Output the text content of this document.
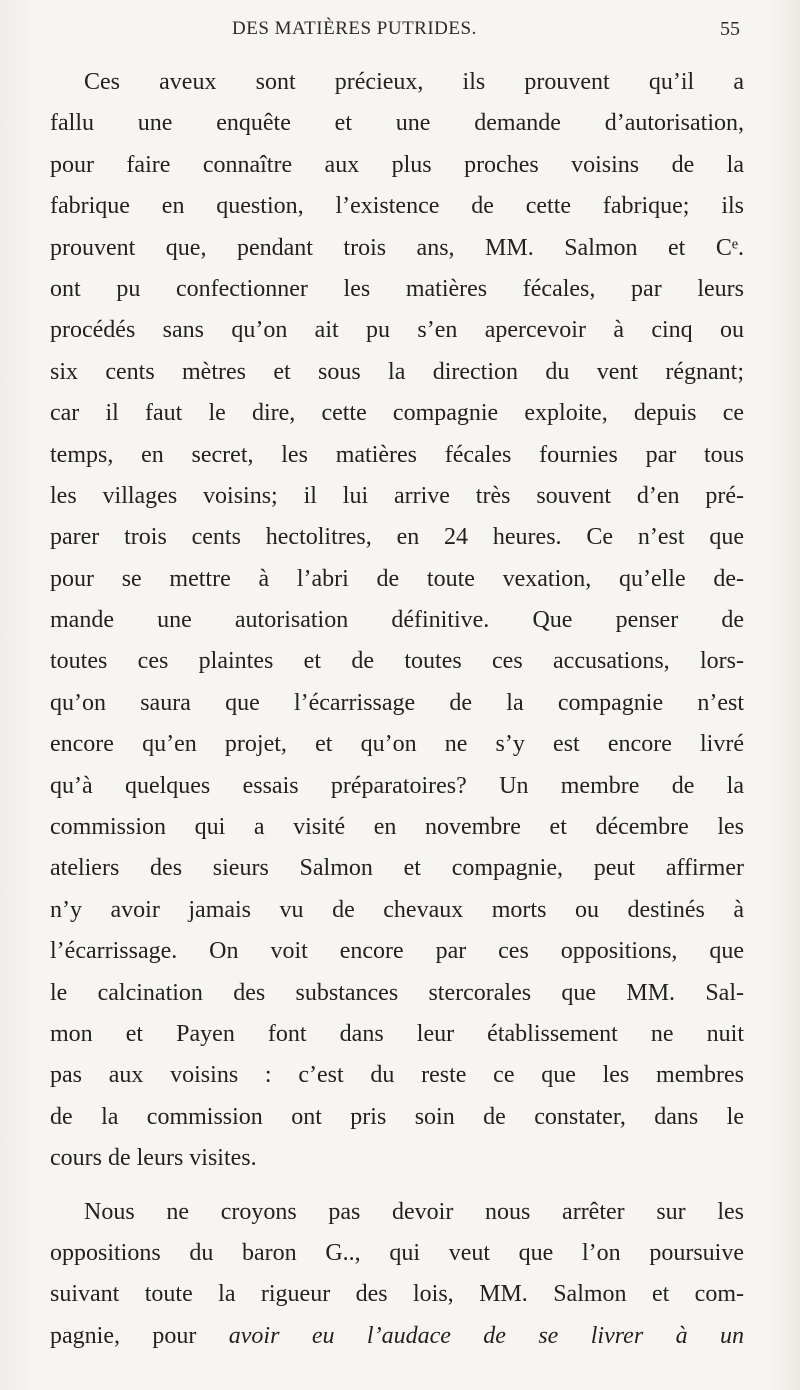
DES MATIÈRES PUTRIDES.	55
Ces aveux sont précieux, ils prouvent qu’il a
fallu une enquête et une demande d’autorisation,
pour faire connaître aux plus proches voisins de la
fabrique en question, l’existence de cette fabrique; ils
prouvent que, pendant trois ans, MM. Salmon et Cᵉ.
ont pu confectionner les matières fécales, par leurs
procédés sans qu’on ait pu s’en apercevoir à cinq ou
six cents mètres et sous la direction du vent régnant;
car il faut le dire, cette compagnie exploite, depuis ce
temps, en secret, les matières fécales fournies par tous
les villages voisins; il lui arrive très souvent d’en pré-
parer trois cents hectolitres, en 24 heures. Ce n’est que
pour se mettre à l’abri de toute vexation, qu’elle de-
mande une autorisation définitive. Que penser de
toutes ces plaintes et de toutes ces accusations, lors-
qu’on saura que l’écarrissage de la compagnie n’est
encore qu’en projet, et qu’on ne s’y est encore livré
qu’à quelques essais préparatoires? Un membre de la
commission qui a visité en novembre et décembre les
ateliers des sieurs Salmon et compagnie, peut affirmer
n’y avoir jamais vu de chevaux morts ou destinés à
l’écarrissage. On voit encore par ces oppositions, que
le calcination des substances stercorales que MM. Sal-
mon et Payen font dans leur établissement ne nuit
pas aux voisins : c’est du reste ce que les membres
de la commission ont pris soin de constater, dans le
cours de leurs visites.
Nous ne croyons pas devoir nous arrêter sur les
oppositions du baron G.., qui veut que l’on poursuive
suivant toute la rigueur des lois, MM. Salmon et com-
pagnie, pour avoir eu l’audace de se livrer à un
